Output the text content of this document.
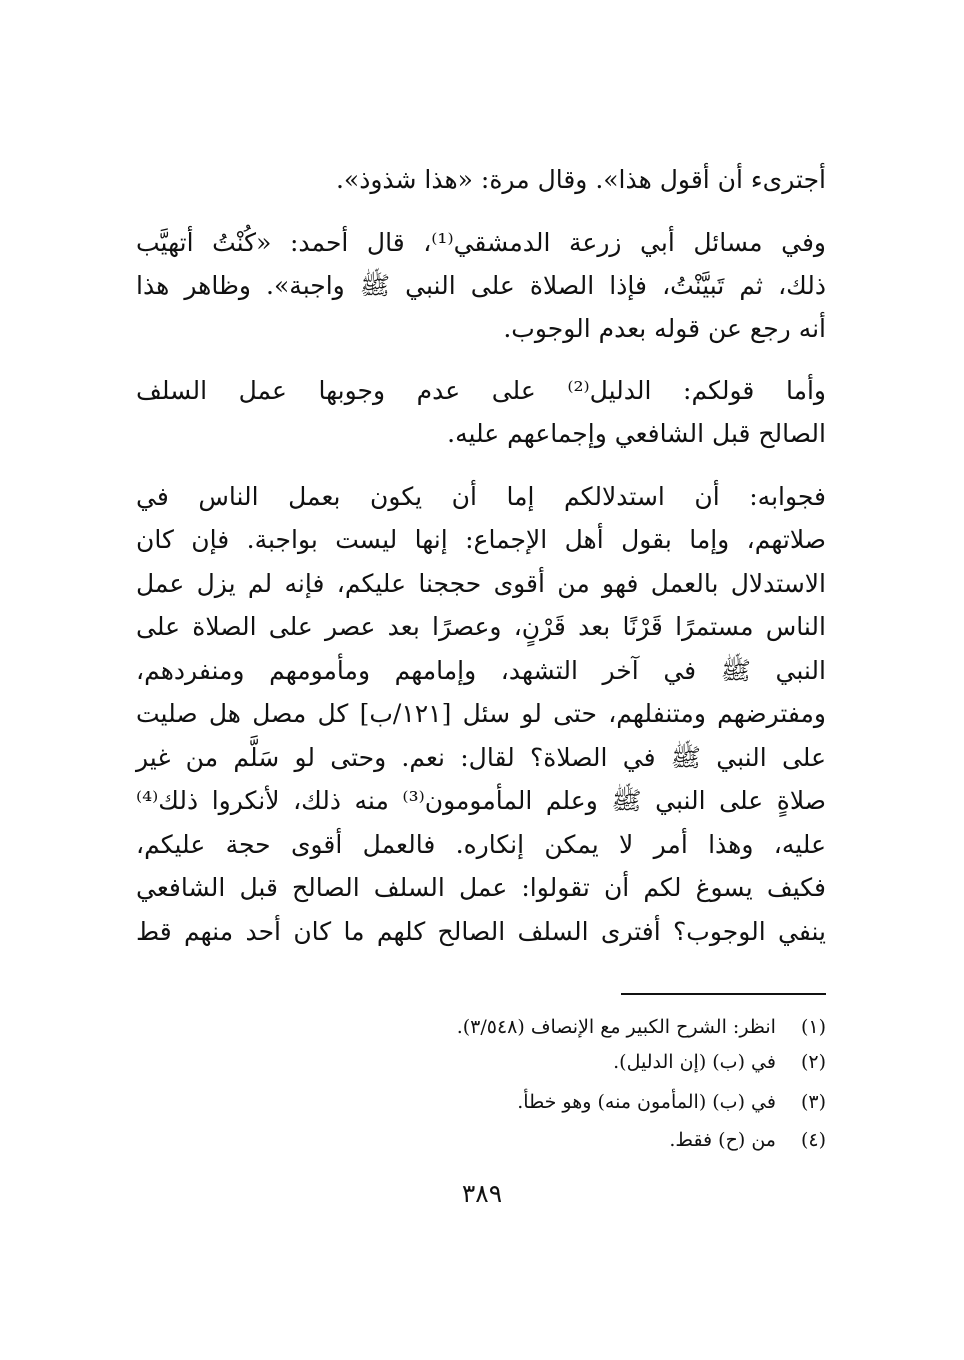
أجترىء أن أقول هذا». وقال مرة: «هذا شذوذ».
وفي مسائل أبي زرعة الدمشقي⁽¹⁾، قال أحمد: «كُنْتُ أتهيَّب
ذلك، ثم تَبيَّنْتُ، فإذا الصلاة على النبي ﷺ واجبة». وظاهر هذا
أنه رجع عن قوله بعدم الوجوب.
وأما قولكم: الدليل⁽²⁾ على عدم وجوبها عمل السلف
الصالح قبل الشافعي وإجماعهم عليه.
فجوابه: أن استدلالكم إما أن يكون بعمل الناس في
صلاتهم، وإما بقول أهل الإجماع: إنها ليست بواجبة. فإن كان
الاستدلال بالعمل فهو من أقوى حججنا عليكم، فإنه لم يزل عمل
الناس مستمرًا قَرْنًا بعد قَرْنٍ، وعصرًا بعد عصر على الصلاة على
النبي ﷺ في آخر التشهد، وإمامهم ومأمومهم ومنفردهم،
ومفترضهم ومتنفلهم، حتى لو سئل [١٢١/ب] كل مصل هل صليت
على النبي ﷺ في الصلاة؟ لقال: نعم. وحتى لو سَلَّم من غير
صلاةٍ على النبي ﷺ وعلم المأمومون⁽³⁾ منه ذلك، لأنكروا ذلك⁽⁴⁾
عليه، وهذا أمر لا يمكن إنكاره. فالعمل أقوى حجة عليكم،
فكيف يسوغ لكم أن تقولوا: عمل السلف الصالح قبل الشافعي
ينفي الوجوب؟ أفترى السلف الصالح كلهم ما كان أحد منهم قط
(١) انظر: الشرح الكبير مع الإنصاف (٣/٥٤٨).
(٢) في (ب) (إن الدليل).
(٣) في (ب) (المأمون منه) وهو خطأ.
(٤) من (ح) فقط.
٣٨٩
